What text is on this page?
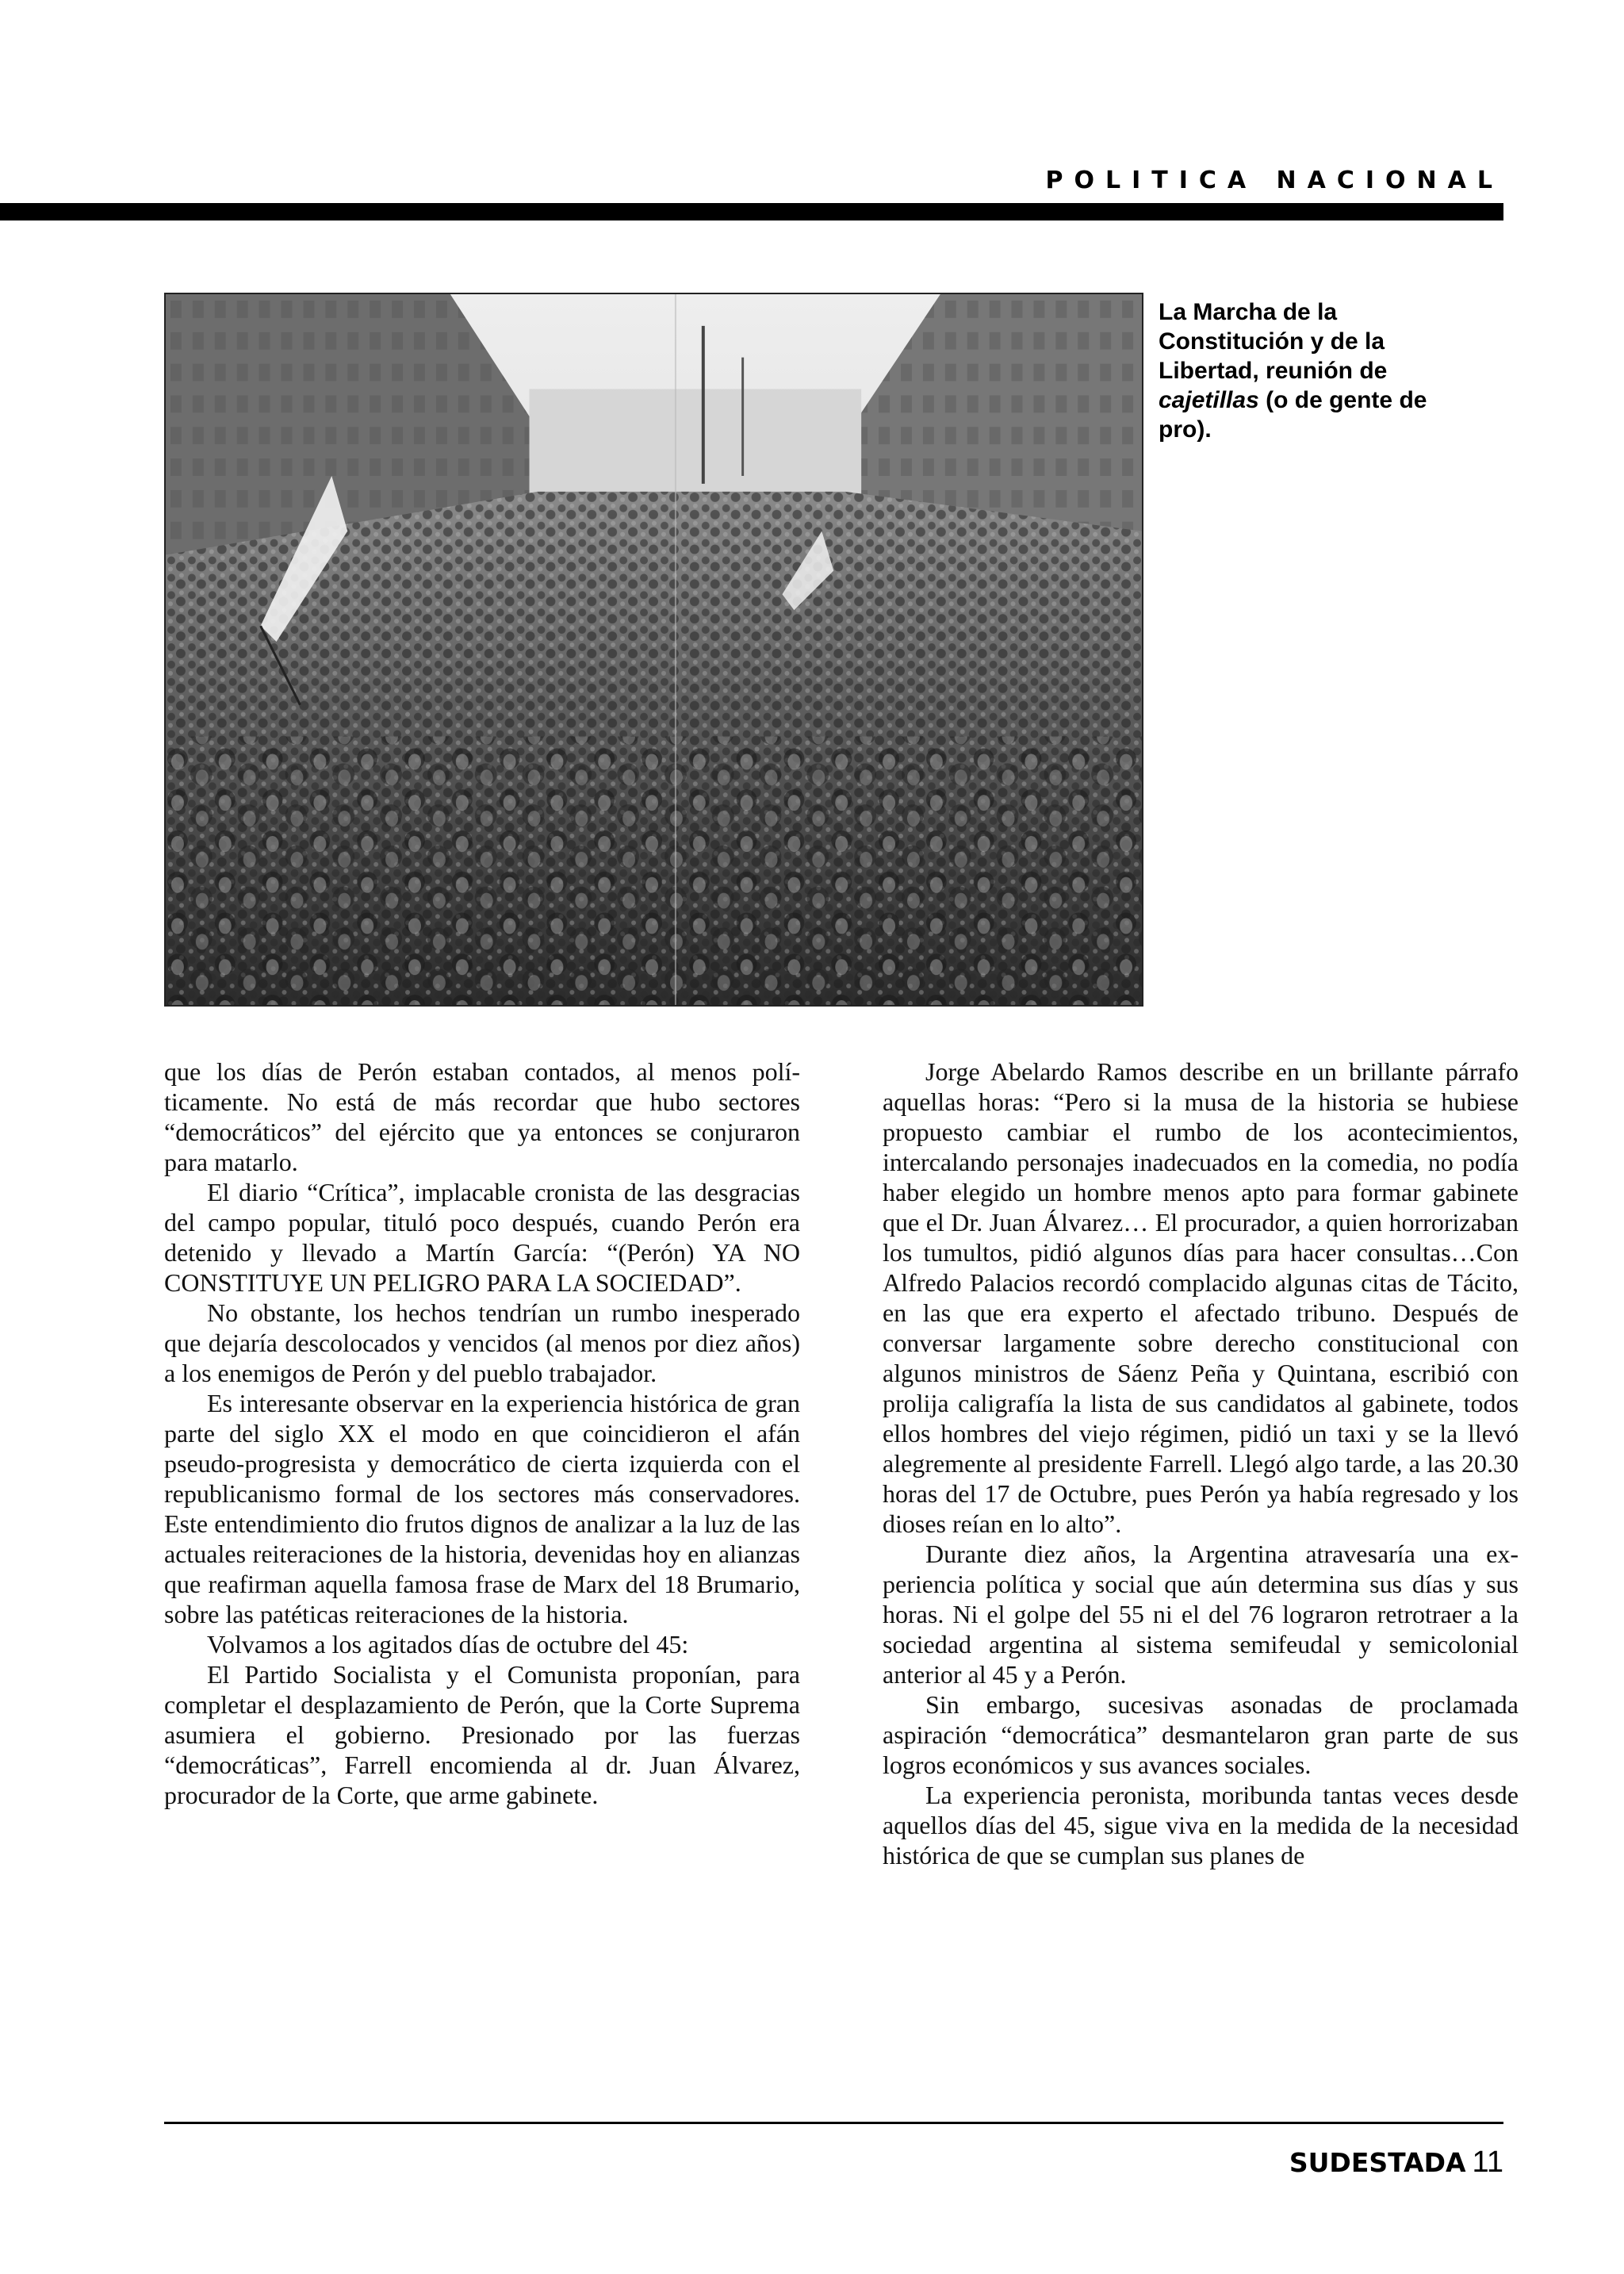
POLITICA NACIONAL
La Marcha de la Constitución y de la Libertad, reunión de cajetillas (o de gente de pro).

que los días de Perón estaban contados, al menos políticamente. No está de más recordar que hubo sectores “democráticos” del ejército que ya entonces se conjuraron para matarlo.

El diario “Crítica”, implacable cronista de las desgracias del campo popular, tituló poco después, cuando Perón era detenido y llevado a Martín García: “(Perón) YA NO CONSTITUYE UN PELIGRO PARA LA SOCIEDAD”.

No obstante, los hechos tendrían un rumbo inesperado que dejaría descolocados y vencidos (al menos por diez años) a los enemigos de Perón y del pueblo trabajador.

Es interesante observar en la experiencia histórica de gran parte del siglo XX el modo en que coincidieron el afán pseudo-progresista y democrático de cierta izquierda con el republicanismo formal de los sectores más conservadores. Este entendimiento dio frutos dignos de analizar a la luz de las actuales reiteraciones de la historia, devenidas hoy en alianzas que reafirman aquella famosa frase de Marx del 18 Brumario, sobre las patéticas reiteraciones de la historia.

Volvamos a los agitados días de octubre del 45:

El Partido Socialista y el Comunista proponían, para completar el desplazamiento de Perón, que la Corte Suprema asumiera el gobierno. Presionado por las fuerzas “democráticas”, Farrell encomienda al dr. Juan Álvarez, procurador de la Corte, que arme gabinete.

Jorge Abelardo Ramos describe en un brillante párrafo aquellas horas: “Pero si la musa de la historia se hubiese propuesto cambiar el rumbo de los acontecimientos, intercalando personajes inadecuados en la comedia, no podía haber elegido un hombre menos apto para formar gabinete que el Dr. Juan Álvarez… El procurador, a quien horrorizaban los tumultos, pidió algunos días para hacer consultas…Con Alfredo Palacios recordó complacido algunas citas de Tácito, en las que era experto el afectado tribuno. Después de conversar largamente sobre derecho constitucional con algunos ministros de Sáenz Peña y Quintana, escribió con prolija caligrafía la lista de sus candidatos al gabinete, todos ellos hombres del viejo régimen, pidió un taxi y se la llevó alegremente al presidente Farrell. Llegó algo tarde, a las 20.30 horas del 17 de Octubre, pues Perón ya había regresado y los dioses reían en lo alto”.

Durante diez años, la Argentina atravesaría una experiencia política y social que aún determina sus días y sus horas. Ni el golpe del 55 ni el del 76 lograron retrotraer a la sociedad argentina al sistema semifeudal y semicolonial anterior al 45 y a Perón.

Sin embargo, sucesivas asonadas de proclamada aspiración “democrática” desmantelaron gran parte de sus logros económicos y sus avances sociales.

La experiencia peronista, moribunda tantas veces desde aquellos días del 45, sigue viva en la medida de la necesidad histórica de que se cumplan sus planes de

SUDESTADA 11
